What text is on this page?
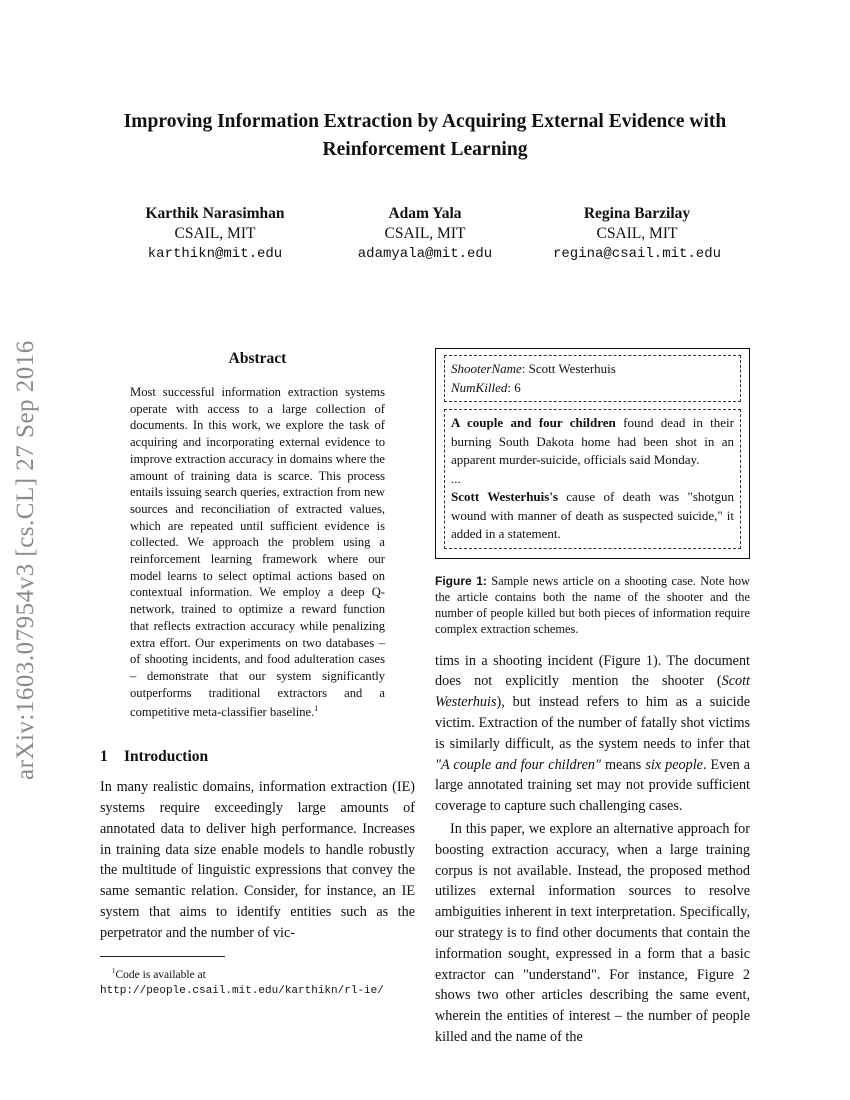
arXiv:1603.07954v3 [cs.CL] 27 Sep 2016
Improving Information Extraction by Acquiring External Evidence with Reinforcement Learning
Karthik Narasimhan
CSAIL, MIT
karthikn@mit.edu
Adam Yala
CSAIL, MIT
adamyala@mit.edu
Regina Barzilay
CSAIL, MIT
regina@csail.mit.edu
Abstract
Most successful information extraction systems operate with access to a large collection of documents. In this work, we explore the task of acquiring and incorporating external evidence to improve extraction accuracy in domains where the amount of training data is scarce. This process entails issuing search queries, extraction from new sources and reconciliation of extracted values, which are repeated until sufficient evidence is collected. We approach the problem using a reinforcement learning framework where our model learns to select optimal actions based on contextual information. We employ a deep Q-network, trained to optimize a reward function that reflects extraction accuracy while penalizing extra effort. Our experiments on two databases – of shooting incidents, and food adulteration cases – demonstrate that our system significantly outperforms traditional extractors and a competitive meta-classifier baseline.$^1$
1 Introduction

In many realistic domains, information extraction (IE) systems require exceedingly large amounts of annotated data to deliver high performance. Increases in training data size enable models to handle robustly the multitude of linguistic expressions that convey the same semantic relation. Consider, for instance, an IE system that aims to identify entities such as the perpetrator and the number of vic-

$^1$Code is available at http://people.csail.mit.edu/karthikn/rl-ie/
ShooterName: Scott Westerhuis
NumKilled: 6
A couple and four children found dead in their burning South Dakota home had been shot in an apparent murder-suicide, officials said Monday.
...
Scott Westerhuis's cause of death was "shotgun wound with manner of death as suspected suicide," it added in a statement.
Figure 1: Sample news article on a shooting case. Note how the article contains both the name of the shooter and the number of people killed but both pieces of information require complex extraction schemes.

tims in a shooting incident (Figure 1). The document does not explicitly mention the shooter (Scott Westerhuis), but instead refers to him as a suicide victim. Extraction of the number of fatally shot victims is similarly difficult, as the system needs to infer that "A couple and four children" means six people. Even a large annotated training set may not provide sufficient coverage to capture such challenging cases.

In this paper, we explore an alternative approach for boosting extraction accuracy, when a large training corpus is not available. Instead, the proposed method utilizes external information sources to resolve ambiguities inherent in text interpretation. Specifically, our strategy is to find other documents that contain the information sought, expressed in a form that a basic extractor can "understand". For instance, Figure 2 shows two other articles describing the same event, wherein the entities of interest – the number of people killed and the name of the
